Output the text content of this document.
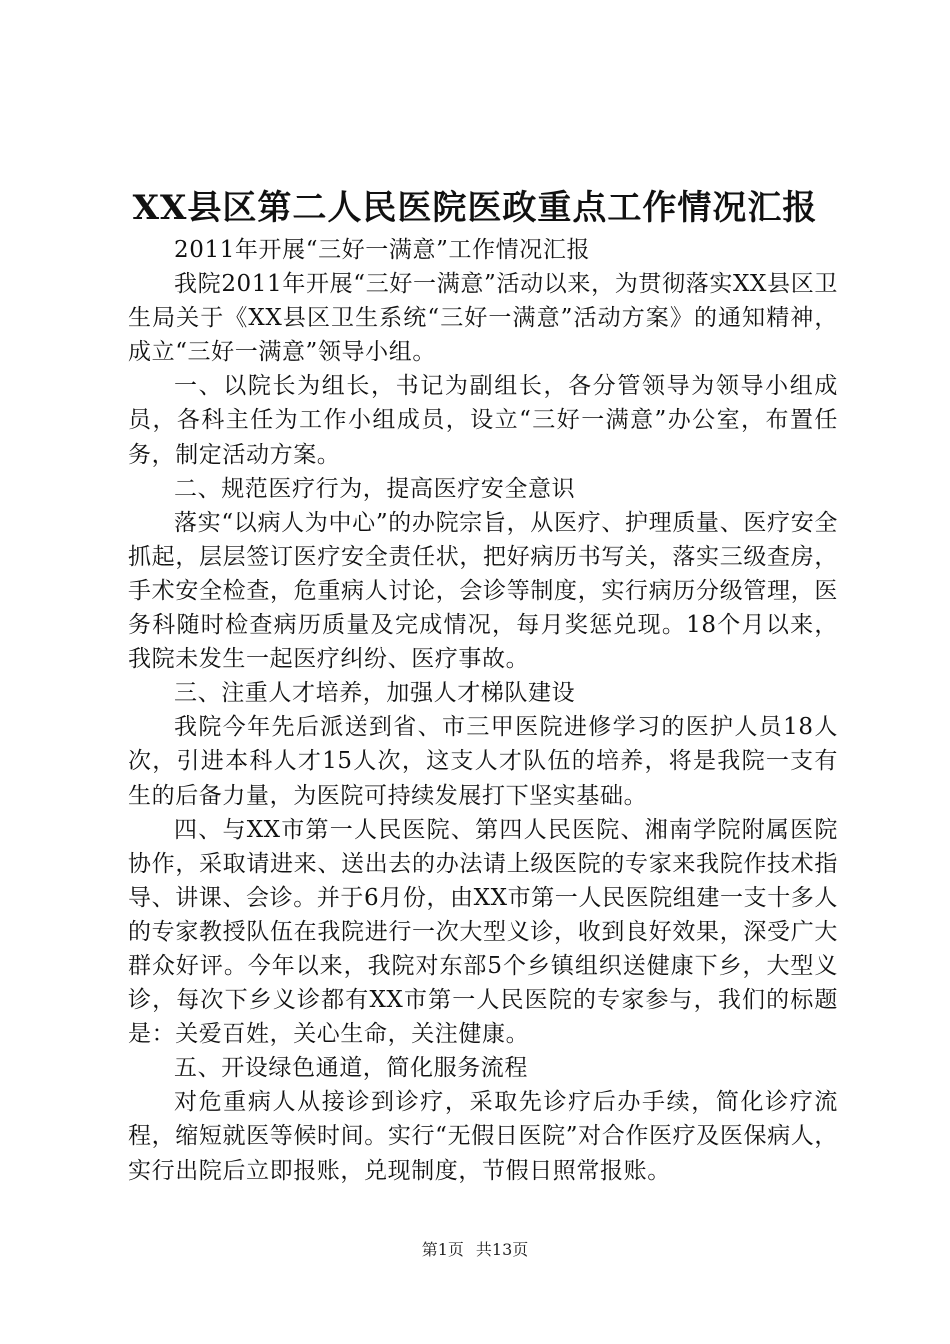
XX县区第二人民医院医政重点工作情况汇报

2011年开展“三好一满意”工作情况汇报

我院2011年开展“三好一满意”活动以来，为贯彻落实XX县区卫生局关于《XX县区卫生系统“三好一满意”活动方案》的通知精神，成立“三好一满意”领导小组。

一、以院长为组长，书记为副组长，各分管领导为领导小组成员，各科主任为工作小组成员，设立“三好一满意”办公室，布置任务，制定活动方案。

二、规范医疗行为，提高医疗安全意识

落实“以病人为中心”的办院宗旨，从医疗、护理质量、医疗安全抓起，层层签订医疗安全责任状，把好病历书写关，落实三级查房，手术安全检查，危重病人讨论，会诊等制度，实行病历分级管理，医务科随时检查病历质量及完成情况，每月奖惩兑现。18个月以来，我院未发生一起医疗纠纷、医疗事故。

三、注重人才培养，加强人才梯队建设

我院今年先后派送到省、市三甲医院进修学习的医护人员18人次，引进本科人才15人次，这支人才队伍的培养，将是我院一支有生的后备力量，为医院可持续发展打下坚实基础。

四、与XX市第一人民医院、第四人民医院、湘南学院附属医院协作，采取请进来、送出去的办法请上级医院的专家来我院作技术指导、讲课、会诊。并于6月份，由XX市第一人民医院组建一支十多人的专家教授队伍在我院进行一次大型义诊，收到良好效果，深受广大群众好评。今年以来，我院对东部5个乡镇组织送健康下乡，大型义诊，每次下乡义诊都有XX市第一人民医院的专家参与，我们的标题是：关爱百姓，关心生命，关注健康。

五、开设绿色通道，简化服务流程

对危重病人从接诊到诊疗，采取先诊疗后办手续，简化诊疗流程，缩短就医等候时间。实行“无假日医院”对合作医疗及医保病人，实行出院后立即报账，兑现制度，节假日照常报账。

第1页 共13页
